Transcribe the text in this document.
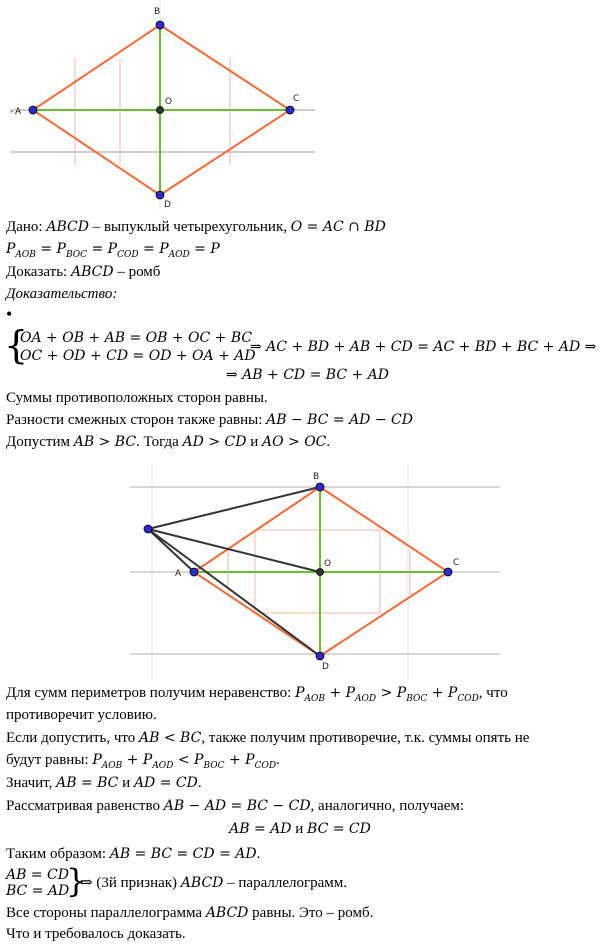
- A
B
C
D
O
Дано: ABCD – выпуклый четырехугольник, O = AC ∩ BD
$P_{AOB} = P_{BOC} = P_{COD} = P_{AOD} = P$
Доказать: ABCD – ромб
Доказательство:
•
{
OA + OB + AB = OB + OC + BC
OC + OD + CD = OD + OA + AD
⇒ AC + BD + AB + CD = AC + BD + BC + AD ⇒
⇒ AB + CD = BC + AD
Суммы противоположных сторон равны.
Разности смежных сторон также равны: AB − BC = AD − CD
Допустим AB > BC. Тогда AD > CD и AO > OC.
A
B
C
D
O
Для сумм периметров получим неравенство: $P_{AOB} + P_{AOD} > P_{BOC} + P_{COD}$, что
противоречит условию.
Если допустить, что AB < BC, также получим противоречие, т.к. суммы опять не
будут равны: $P_{AOB} + P_{AOD} < P_{BOC} + P_{COD}$.
Значит, AB = BC и AD = CD.
Рассматривая равенство AB − AD = BC − CD, аналогично, получаем:
AB = AD и BC = CD
Таким образом: AB = BC = CD = AD.
AB = CD
BC = AD
}
⇒ (3й признак) ABCD – параллелограмм.
Все стороны параллелограмма ABCD равны. Это – ромб.
Что и требовалось доказать.
